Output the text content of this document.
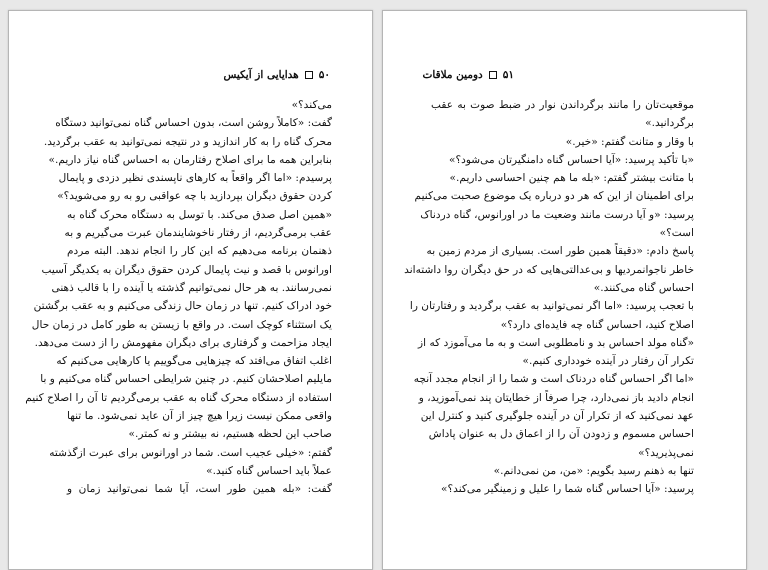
۵۰
هدایایی از آیکیس
می‌کند؟»
گفت: «کاملاً روشن است، بدون احساس گناه نمی‌توانید دستگاه
محرک گناه را به کار اندازید و در نتیجه نمی‌توانید به عقب برگردید.
بنابراین همه ما برای اصلاح رفتارمان به احساس گناه نیاز داریم.»
پرسیدم: «اما اگر واقعاً به کارهای ناپسندی نظیر دزدی و پایمال
کردن حقوق دیگران بپردازید با چه عواقبی رو به رو می‌شوید؟»
«همین اصل صدق می‌کند. با توسل به دستگاه محرک گناه به
عقب برمی‌گردیم، از رفتار ناخوشایندمان عبرت می‌گیریم و به
ذهنمان برنامه می‌دهیم که این کار را انجام ندهد. البته مردم
اورانوس با قصد و نیت پایمال کردن حقوق دیگران به یکدیگر آسیب
نمی‌رسانند. به هر حال نمی‌توانیم گذشته یا آینده را با قالب ذهنی
خود ادراک کنیم. تنها در زمان حال زندگی می‌کنیم و به عقب برگشتن
یک استثناء کوچک است. در واقع با زیستن به طور کامل در زمان حال
ایجاد مزاحمت و گرفتاری برای دیگران مفهومش را از دست می‌دهد.
اغلب اتفاق می‌افتد که چیزهایی می‌گوییم یا کارهایی می‌کنیم که
مایلیم اصلاحشان کنیم. در چنین شرایطی احساس گناه می‌کنیم و با
استفاده از دستگاه محرک گناه به عقب برمی‌گردیم تا آن را اصلاح کنیم
واقعی ممکن نیست زیرا هیچ چیز از آن عاید نمی‌شود. ما تنها
صاحب این لحظه هستیم، نه بیشتر و نه کمتر.»
گفتم: «خیلی عجیب است. شما در اورانوس برای عبرت ازگذشته
عملاً باید احساس گناه کنید.»
گفت: «بله همین طور است، آیا شما نمی‌توانید زمان و
۵۱
دومین ملاقات
موقعیت‌تان را مانند برگرداندن نوار در ضبط صوت به عقب
برگردانید.»
با وقار و متانت گفتم: «خیر.»
«با تأکید پرسید: «آیا احساس گناه دامنگیرتان می‌شود؟»
با متانت بیشتر گفتم: «بله ما هم چنین احساسی داریم.»
برای اطمینان از این که هر دو درباره یک موضوع صحبت می‌کنیم
پرسید: «و آیا درست مانند وضعیت ما در اورانوس، گناه دردناک
است؟»
پاسخ دادم: «دقیقاً همین طور است. بسیاری از مردم زمین به
خاطر ناجوانمردیها و بی‌عدالتی‌هایی که در حق دیگران روا داشته‌اند
احساس گناه می‌کنند.»
با تعجب پرسید: «اما اگر نمی‌توانید به عقب برگردید و رفتارتان را
اصلاح کنید، احساس گناه چه فایده‌ای دارد؟»
«گناه مولد احساس بد و نامطلوبی است و به ما می‌آموزد که از
تکرار آن رفتار در آینده خودداری کنیم.»
«اما اگر احساس گناه دردناک است و شما را از انجام مجدد آنچه
انجام دادید باز نمی‌دارد، چرا صرفاً از خطایتان پند نمی‌آموزید، و
عهد نمی‌کنید که از تکرار آن در آینده جلوگیری کنید و کنترل این
احساس مسموم و زدودن آن را از اعماق دل به عنوان پاداش
نمی‌پذیرید؟»
تنها به ذهنم رسید بگویم: «من، من نمی‌دانم.»
پرسید: «آیا احساس گناه شما را علیل و زمینگیر می‌کند؟»
